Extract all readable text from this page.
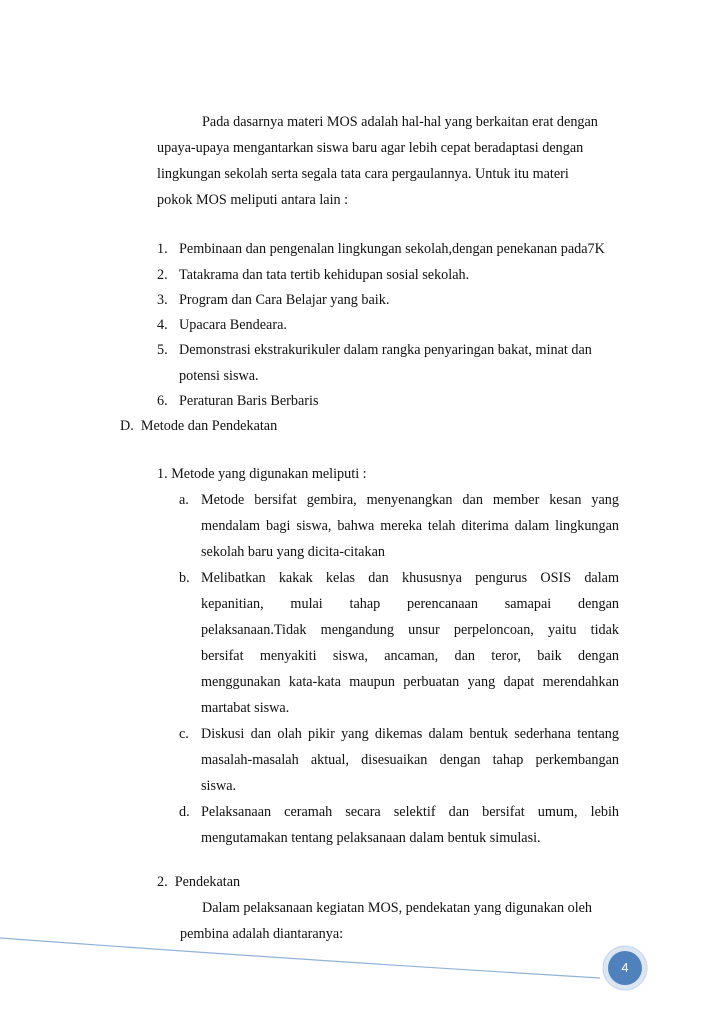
Pada dasarnya materi MOS adalah hal-hal yang berkaitan erat dengan
upaya-upaya mengantarkan siswa baru agar lebih cepat beradaptasi dengan
lingkungan sekolah serta segala tata cara pergaulannya. Untuk itu materi
pokok MOS meliputi antara lain :
1. Pembinaan dan pengenalan lingkungan sekolah,dengan penekanan pada7K
2. Tatakrama dan tata tertib kehidupan sosial sekolah.
3. Program dan Cara Belajar yang baik.
4. Upacara Bendeara.
5. Demonstrasi ekstrakurikuler dalam rangka penyaringan bakat, minat dan
potensi siswa.
6. Peraturan Baris Berbaris
D.  Metode dan Pendekatan
1. Metode yang digunakan meliputi :
a. Metode bersifat gembira, menyenangkan dan member kesan yang
mendalam bagi siswa, bahwa mereka telah diterima dalam lingkungan
sekolah baru yang dicita-citakan
b. Melibatkan kakak kelas dan khususnya pengurus OSIS dalam
kepanitian, mulai tahap perencanaan samapai dengan
pelaksanaan.Tidak mengandung unsur perpeloncoan, yaitu tidak
bersifat menyakiti siswa, ancaman, dan teror, baik dengan
menggunakan kata-kata maupun perbuatan yang dapat merendahkan
martabat siswa.
c. Diskusi dan olah pikir yang dikemas dalam bentuk sederhana tentang
masalah-masalah aktual, disesuaikan dengan tahap perkembangan
siswa.
d. Pelaksanaan ceramah secara selektif dan bersifat umum, lebih
mengutamakan tentang pelaksanaan dalam bentuk simulasi.
2.  Pendekatan
Dalam pelaksanaan kegiatan MOS, pendekatan yang digunakan oleh
pembina adalah diantaranya:
4
